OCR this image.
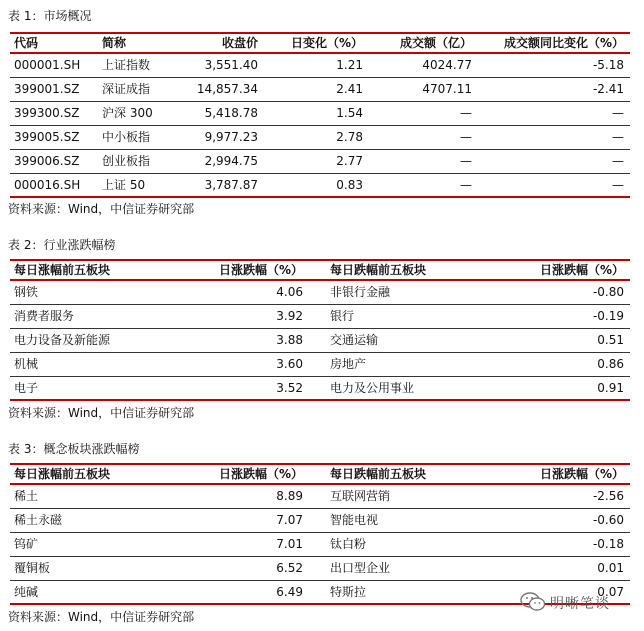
表 1：市场概况
代码	简称	收盘价	日变化（%）	成交额（亿）	成交额同比变化（%）
000001.SH 上证指数	3,551.40	1.21	4024.77	-5.18
399001.SZ 深证成指	14,857.34	2.41	4707.11	-2.41
399300.SZ 沪深 300	5,418.78	1.54	—	—
399005.SZ 中小板指	9,977.23	2.78	—	—
399006.SZ 创业板指	2,994.75	2.77	—	—
000016.SH 上证 50	3,787.87	0.83	—	—
资料来源：Wind，中信证券研究部
表 2：行业涨跌幅榜
每日涨幅前五板块	日涨跌幅（%） 每日跌幅前五板块	日涨跌幅（%）
钢铁	4.06 非银行金融	-0.80
消费者服务	3.92 银行	-0.19
电力设备及新能源	3.88 交通运输	0.51
机械	3.60 房地产	0.86
电子	3.52 电力及公用事业	0.91
资料来源：Wind，中信证券研究部
表 3：概念板块涨跌幅榜
每日涨幅前五板块	日涨跌幅（%） 每日跌幅前五板块	日涨跌幅（%）
稀土	8.89 互联网营销	-2.56
稀土永磁	7.07 智能电视	-0.60
钨矿	7.01 钛白粉	-0.18
覆铜板	6.52 出口型企业	0.01
纯碱	6.49 特斯拉	0.07
资料来源：Wind，中信证券研究部
明晰笔谈
